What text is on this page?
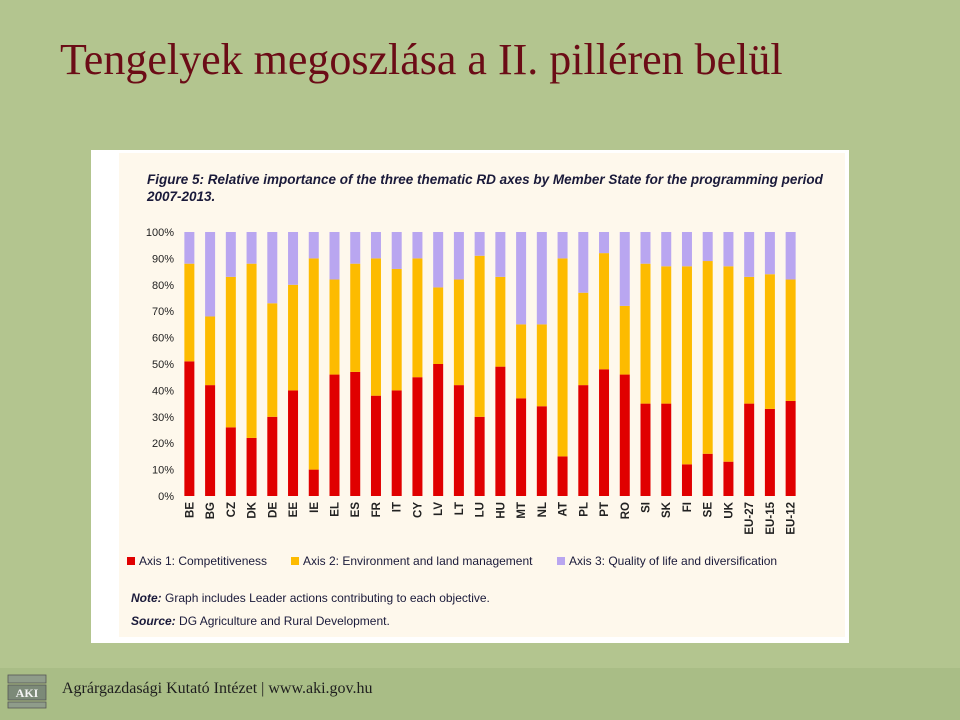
Tengelyek megoszlása a II. pilléren belül

Figure 5: Relative importance of the three thematic RD axes by Member State for the programming period 2007-2013.

0%
10%
20%
30%
40%
50%
60%
70%
80%
90%
100%
BE BG CZ DK DE EE IE EL ES FR IT CY LV LT LU HU MT NL AT PL PT RO SI SK FI SE UK EU-27 EU-15 EU-12
Axis 1: Competitiveness	Axis 2: Environment and land management	Axis 3: Quality of life and diversification
Note: Graph includes Leader actions contributing to each objective.
Source: DG Agriculture and Rural Development.
AKI Agrárgazdasági Kutató Intézet | www.aki.gov.hu
